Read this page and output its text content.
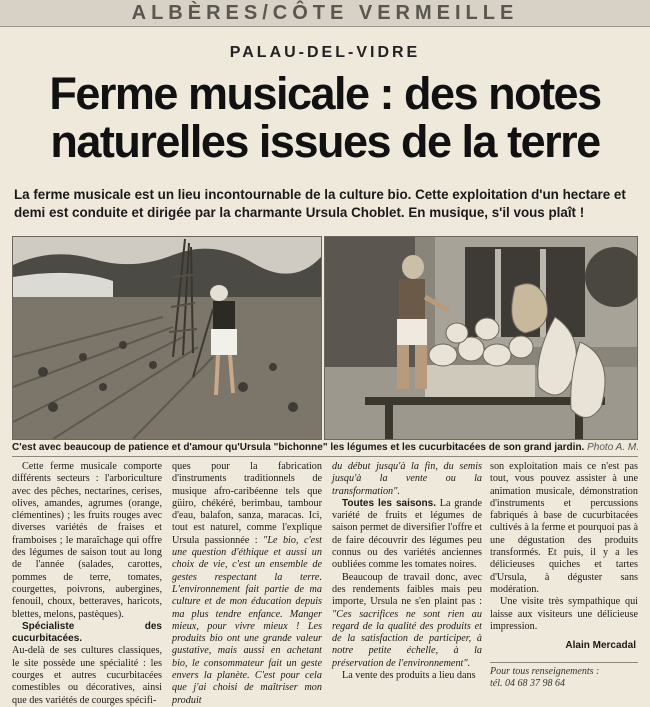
ALBÈRES/CÔTE VERMEILLE
PALAU-DEL-VIDRE
Ferme musicale : des notes naturelles issues de la terre
La ferme musicale est un lieu incontournable de la culture bio. Cette exploitation d'un hectare et demi est conduite et dirigée par la charmante Ursula Choblet. En musique, s'il vous plaît !
C'est avec beaucoup de patience et d'amour qu'Ursula "bichonne" les légumes et les cucurbitacées de son grand jardin. Photo A. M.

Cette ferme musicale comporte différents secteurs : l'arboriculture avec des pêches, nectarines, cerises, olives, amandes, agrumes (orange, clémentines) ; les fruits rouges avec diverses variétés de fraises et framboises ; le maraîchage qui offre des légumes de saison tout au long de l'année (salades, carottes, pommes de terre, tomates, courgettes, poivrons, aubergines, fenouil, choux, betteraves, haricots, blettes, melons, pastèques).

Spécialiste des cucurbitacées.

Au-delà de ses cultures classiques, le site possède une spécialité : les courges et autres cucurbitacées comestibles ou décoratives, ainsi que des variétés de courges spécifi-

ques pour la fabrication d'instruments traditionnels de musique afro-caribéenne tels que güiro, chékéré, berimbau, tambour d'eau, balafon, sanza, maracas. Ici, tout est naturel, comme l'explique Ursula passionnée : "Le bio, c'est une question d'éthique et aussi un choix de vie, c'est un ensemble de gestes respectant la terre. L'environnement fait partie de ma culture et de mon éducation depuis ma plus tendre enfance. Manger mieux, pour vivre mieux ! Les produits bio ont une grande valeur gustative, mais aussi en achetant bio, le consommateur fait un geste envers la planète. C'est pour cela que j'ai choisi de maîtriser mon produit

du début jusqu'à la fin, du semis jusqu'à la vente ou la transformation".

Toutes les saisons. La grande variété de fruits et légumes de saison permet de diversifier l'offre et de faire découvrir des légumes peu connus ou des variétés anciennes oubliées comme les tomates noires.

Beaucoup de travail donc, avec des rendements faibles mais peu importe, Ursula ne s'en plaint pas : "Ces sacrifices ne sont rien au regard de la qualité des produits et de la satisfaction de participer, à notre petite échelle, à la préservation de l'environnement".

La vente des produits a lieu dans

son exploitation mais ce n'est pas tout, vous pouvez assister à une animation musicale, démonstration d'instruments et percussions fabriqués à base de cucurbitacées cultivés à la ferme et pourquoi pas à une dégustation des produits transformés. Et puis, il y a les délicieuses quiches et tartes d'Ursula, à déguster sans modération.

Une visite très sympathique qui laisse aux visiteurs une délicieuse impression.

Alain Mercadal
Pour tous renseignements :
tél. 04 68 37 98 64
